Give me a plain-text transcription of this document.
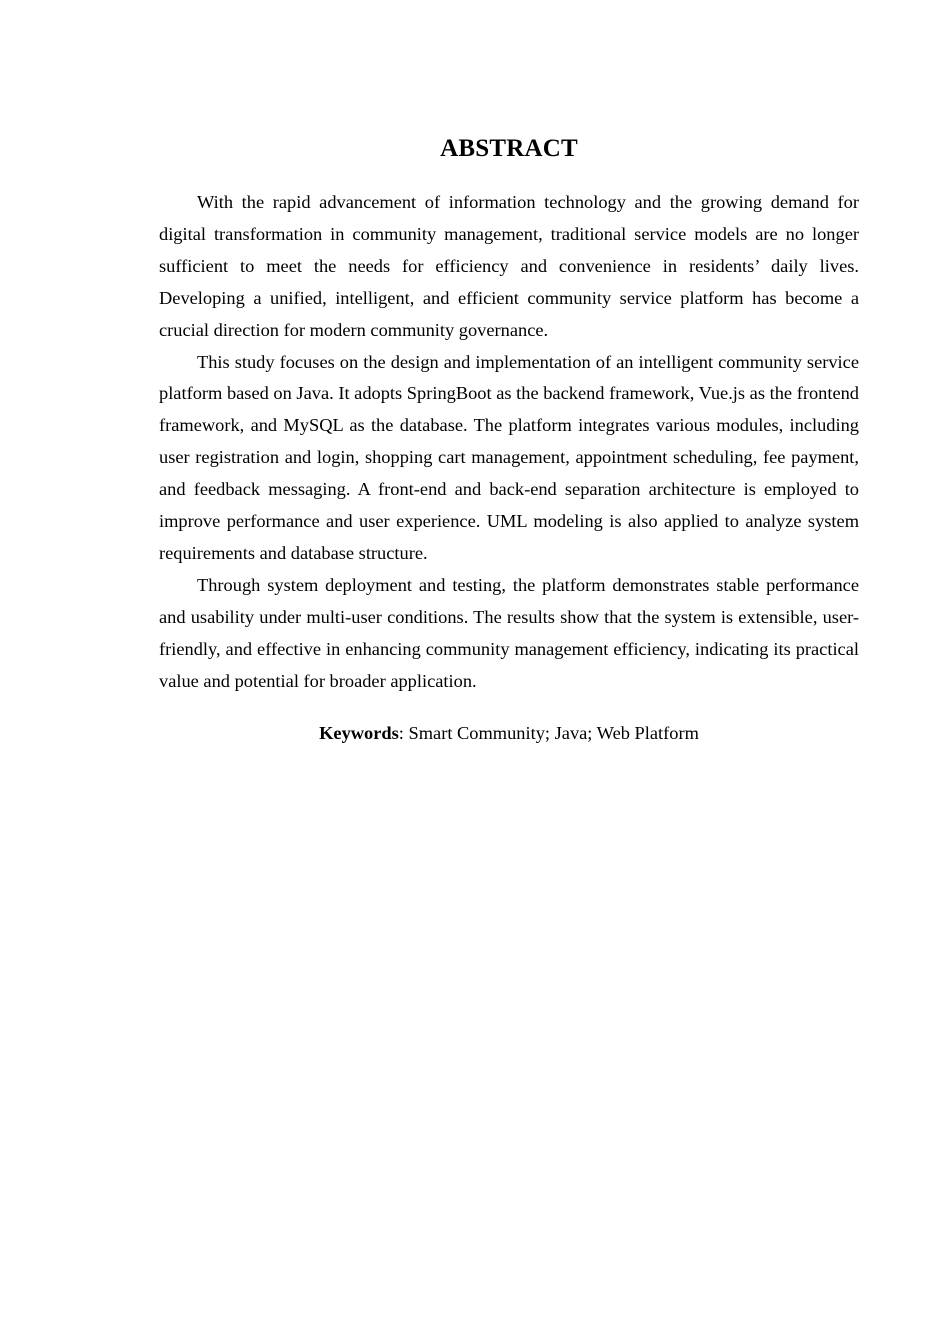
ABSTRACT

With the rapid advancement of information technology and the growing demand for digital transformation in community management, traditional service models are no longer sufficient to meet the needs for efficiency and convenience in residents’ daily lives. Developing a unified, intelligent, and efficient community service platform has become a crucial direction for modern community governance.

This study focuses on the design and implementation of an intelligent community service platform based on Java. It adopts SpringBoot as the backend framework, Vue.js as the frontend framework, and MySQL as the database. The platform integrates various modules, including user registration and login, shopping cart management, appointment scheduling, fee payment, and feedback messaging. A front-end and back-end separation architecture is employed to improve performance and user experience. UML modeling is also applied to analyze system requirements and database structure.

Through system deployment and testing, the platform demonstrates stable performance and usability under multi-user conditions. The results show that the system is extensible, user-friendly, and effective in enhancing community management efficiency, indicating its practical value and potential for broader application.

Keywords: Smart Community; Java; Web Platform
